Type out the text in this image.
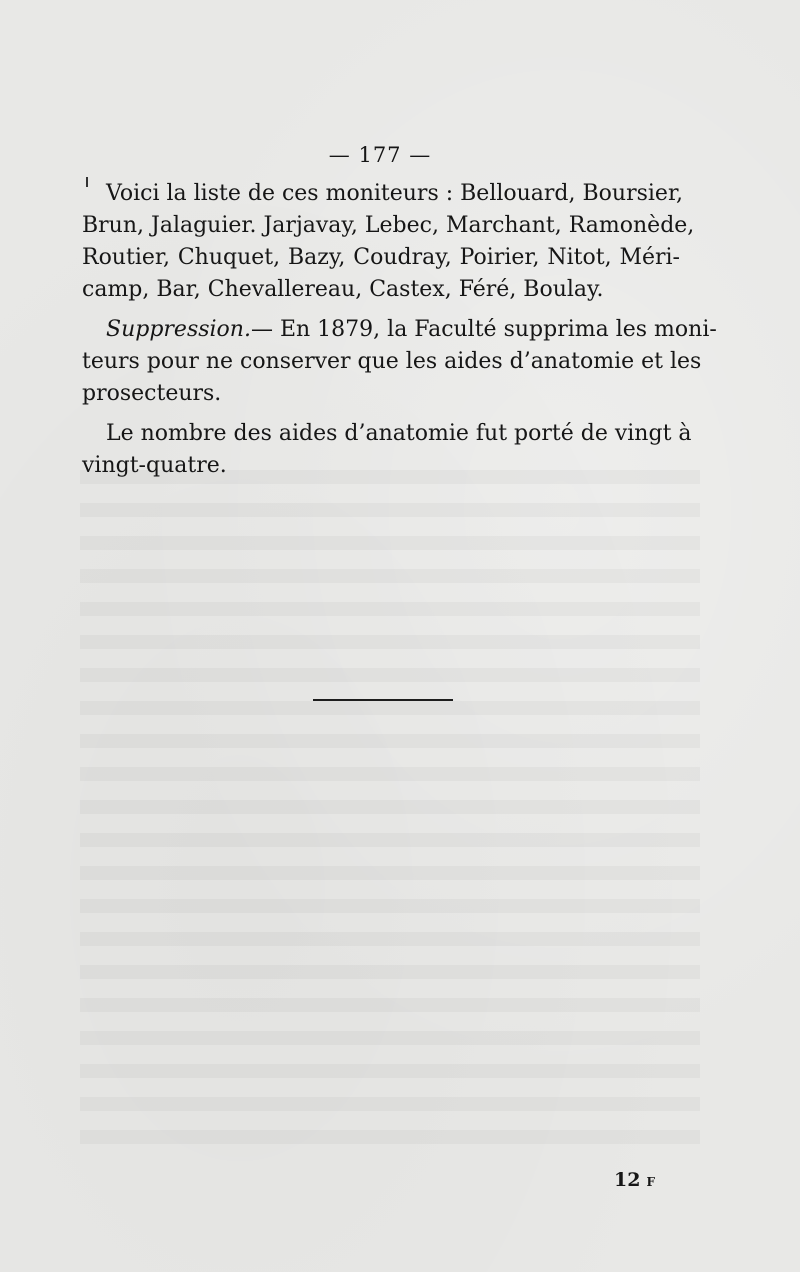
— 177 —

Voici la liste de ces moniteurs : Bellouard, Boursier,
Brun, Jalaguier. Jarjavay, Lebec, Marchant, Ramonède,
Routier, Chuquet, Bazy, Coudray, Poirier, Nitot, Méri-
camp, Bar, Chevallereau, Castex, Féré, Boulay.

Suppression.— En 1879, la Faculté supprima les moni-
teurs pour ne conserver que les aides d’anatomie et les
prosecteurs.

Le nombre des aides d’anatomie fut porté de vingt à
vingt-quatre.

12 F
